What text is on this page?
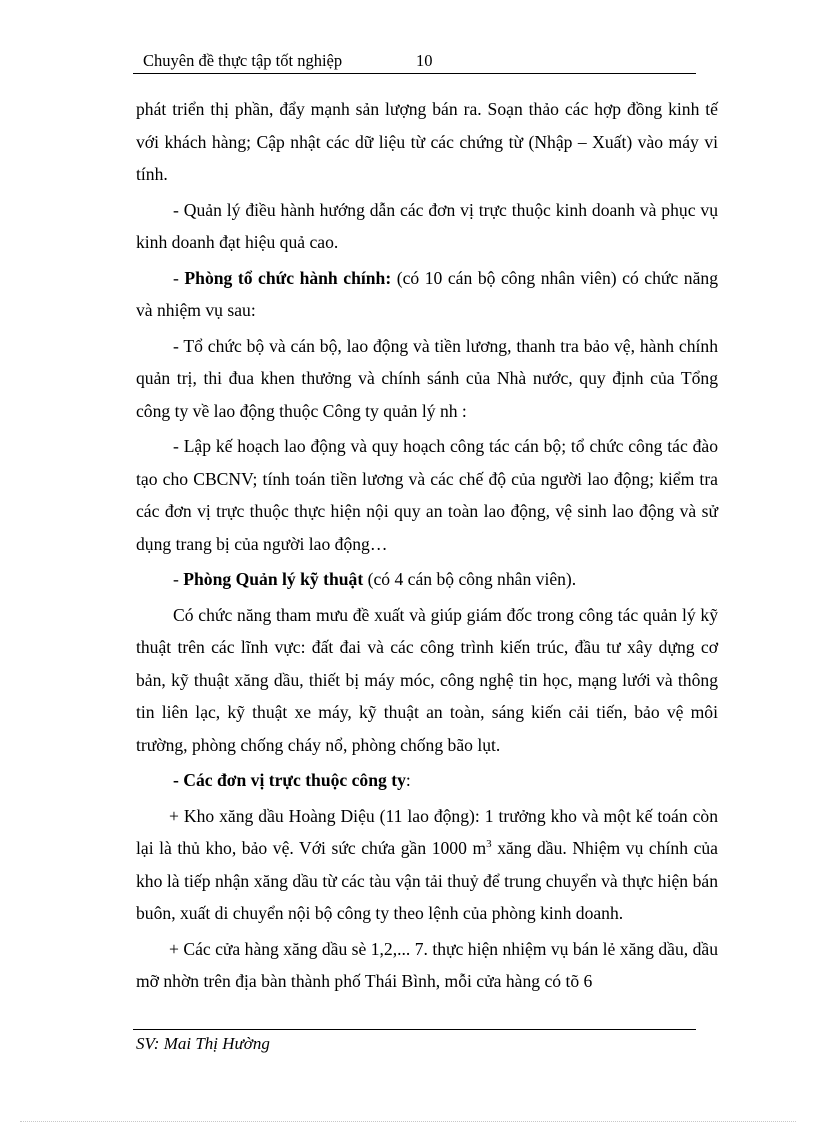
Chuyên đề thực tập tốt nghiệp	10

phát triển thị phần, đẩy mạnh sản lượng bán ra. Soạn thảo các hợp đồng kinh tế với khách hàng; Cập nhật các dữ liệu từ các chứng từ (Nhập – Xuất) vào máy vi tính.

- Quản lý điều hành hướng dẫn các đơn vị trực thuộc kinh doanh và phục vụ kinh doanh đạt hiệu quả cao.

- Phòng tổ chức hành chính: (có 10 cán bộ công nhân viên) có chức năng và nhiệm vụ sau:

- Tổ chức bộ và cán bộ, lao động và tiền lương, thanh tra bảo vệ, hành chính quản trị, thi đua khen thưởng và chính sánh của Nhà nước, quy định của Tổng công ty về lao động thuộc Công ty quản lý nh :

- Lập kế hoạch lao động và quy hoạch công tác cán bộ; tổ chức công tác đào tạo cho CBCNV; tính toán tiền lương và các chế độ của người lao động; kiểm tra các đơn vị trực thuộc thực hiện nội quy an toàn lao động, vệ sinh lao động và sử dụng trang bị của người lao động…

- Phòng Quản lý kỹ thuật (có 4 cán bộ công nhân viên).

Có chức năng tham mưu đề xuất và giúp giám đốc trong công tác quản lý kỹ thuật trên các lĩnh vực: đất đai và các công trình kiến trúc, đầu tư xây dựng cơ bản, kỹ thuật xăng dầu, thiết bị máy móc, công nghệ tin học, mạng lưới và thông tin liên lạc, kỹ thuật xe máy, kỹ thuật an toàn, sáng kiến cải tiến, bảo vệ môi trường, phòng chống cháy nổ, phòng chống bão lụt.

- Các đơn vị trực thuộc công ty:

+ Kho xăng dầu Hoàng Diệu (11 lao động): 1 trưởng kho và một kế toán còn lại là thủ kho, bảo vệ. Với sức chứa gần 1000 $m^3$ xăng dầu. Nhiệm vụ chính của kho là tiếp nhận xăng dầu từ các tàu vận tải thuỷ để trung chuyển và thực hiện bán buôn, xuất di chuyển nội bộ công ty theo lệnh của phòng kinh doanh.

+ Các cửa hàng xăng dầu sè 1,2,... 7. thực hiện nhiệm vụ bán lẻ xăng dầu, dầu mỡ nhờn trên địa bàn thành phố Thái Bình, mỗi cửa hàng có tõ 6

SV: Mai Thị Hường
